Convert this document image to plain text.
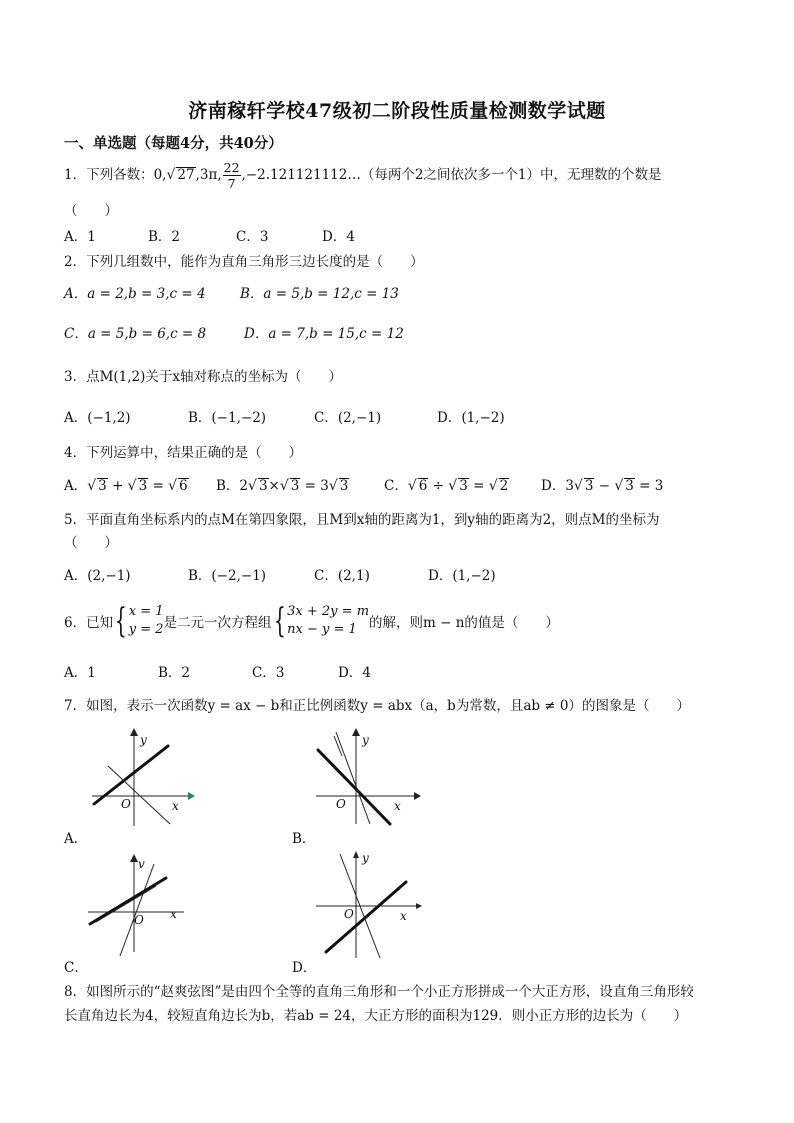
济南稼轩学校47级初二阶段性质量检测数学试题
一、单选题（每题4分，共40分）
1．下列各数：0,√ 27,3π, $\frac{22}{7}$ ,−2.121121112…（每两个2之间依次多一个1）中，无理数的个数是
（　　）
A．1	B．2	C．3	D．4
2．下列几组数中，能作为直角三角形三边长度的是（　　）
A．a = 2,b = 3,c = 4	B．a = 5,b = 12,c = 13
C．a = 5,b = 6,c = 8	D．a = 7,b = 15,c = 12
3．点M(1,2)关于x轴对称点的坐标为（　　）
A．(−1,2)	B．(−1,−2)	C．(2,−1)	D．(1,−2)
4．下列运算中，结果正确的是（　　）
A．√ 3 + √ 3 = √ 6 B．2√ 3×√ 3 = 3√ 3	C．√ 6 ÷ √ 3 = √ 2 D．3√ 3 − √ 3 = 3
5．平面直角坐标系内的点M在第四象限，且M到x轴的距离为1，到y轴的距离为2，则点M的坐标为
（　　）
A．(2,−1)	B．(−2,−1)	C．(2,1)	D．(1,−2)
6．已知{ x = 1
y = 2 是二元一次方程组{ 3x + 2y = m
nx − y = 1 的解，则m − n的值是（　　）
A．1	B．2	C．3	D．4
7．如图，表示一次函数y = ax − b和正比例函数y = abx（a，b为常数，且ab ≠ 0）的图象是（　　）
y
x
O
A．
y
x
O
B．
v
x
O
C．
y
x
O
D．
8．如图所示的“赵爽弦图”是由四个全等的直角三角形和一个小正方形拼成一个大正方形，设直角三角形较
长直角边长为4，较短直角边长为b，若ab = 24，大正方形的面积为129．则小正方形的边长为（　　）
